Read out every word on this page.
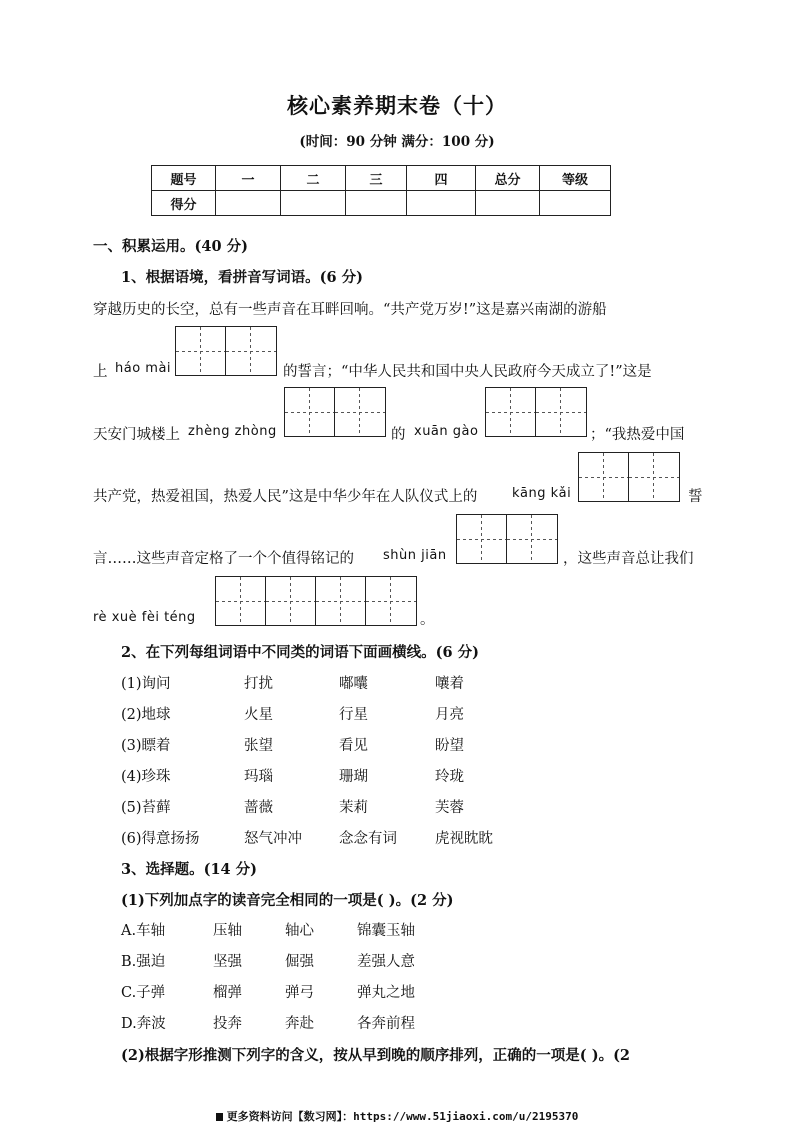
核心素养期末卷（十）
(时间：90 分钟 满分：100 分)
题号	一	二	三	四	总分	等级
得分						
一、积累运用。(40 分)
1、根据语境，看拼音写词语。(6 分)
穿越历史的长空，总有一些声音在耳畔回响。“共产党万岁!”这是嘉兴南湖的游船
上 háo mài	的誓言；“中华人民共和国中央人民政府今天成立了!”这是
天安门城楼上 zhèng zhòng	的 xuān gào	；“我热爱中国
共产党，热爱祖国，热爱人民”这是中华少年在人队仪式上的	kāng kǎi	誓
言……这些声音定格了一个个值得铭记的 shùn jiān	，这些声音总让我们
rè xuè fèi téng	。
2、在下列每组词语中不同类的词语下面画横线。(6 分)
(1)询问	打扰	嘟囔	嚷着
(2)地球	火星	行星	月亮
(3)瞟着	张望	看见	盼望
(4)珍珠	玛瑙	珊瑚	玲珑
(5)苔藓	蔷薇	茉莉	芙蓉
(6)得意扬扬	怒气冲冲	念念有词	虎视眈眈
3、选择题。(14 分)
(1)下列加点字的读音完全相同的一项是( )。(2 分)
A.车轴	压轴	轴心	锦囊玉轴
B.强迫	坚强	倔强	差强人意
C.子弹	榴弹	弹弓	弹丸之地
D.奔波	投奔	奔赴	各奔前程
(2)根据字形推测下列字的含义，按从早到晚的顺序排列，正确的一项是( )。(2
更多资料访问【数习网】：https://www.51jiaoxi.com/u/2195370
